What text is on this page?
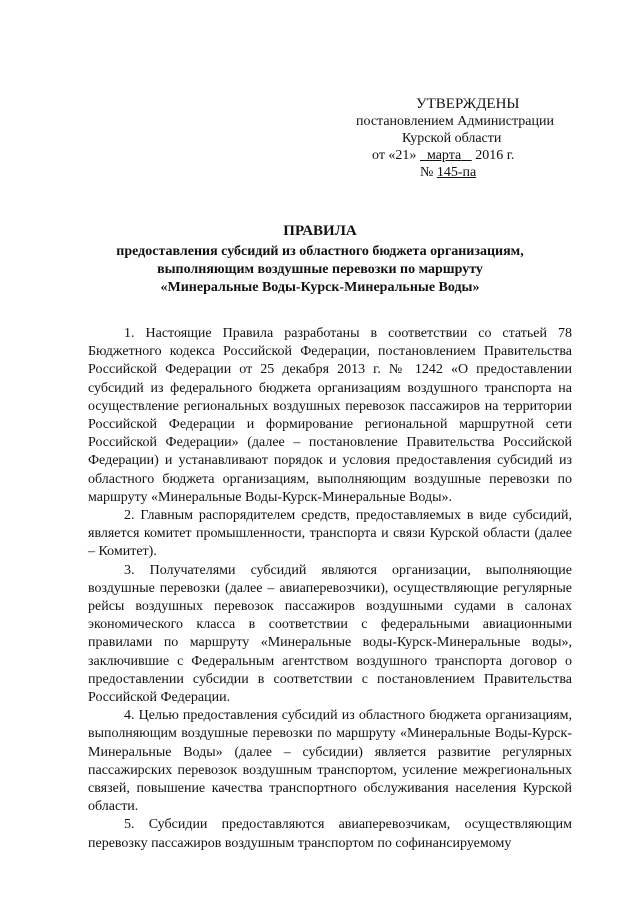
УТВЕРЖДЕНЫ
постановлением Администрации
Курской области
от «21» марта 2016 г.
№ 145-па
ПРАВИЛА
предоставления субсидий из областного бюджета организациям,
выполняющим воздушные перевозки по маршруту
«Минеральные Воды-Курск-Минеральные Воды»

1. Настоящие Правила разработаны в соответствии со статьей 78 Бюджетного кодекса Российской Федерации, постановлением Правительства Российской Федерации от 25 декабря 2013 г. № 1242 «О предоставлении субсидий из федерального бюджета организациям воздушного транспорта на осуществление региональных воздушных перевозок пассажиров на территории Российской Федерации и формирование региональной маршрутной сети Российской Федерации» (далее – постановление Правительства Российской Федерации) и устанавливают порядок и условия предоставления субсидий из областного бюджета организациям, выполняющим воздушные перевозки по маршруту «Минеральные Воды-Курск-Минеральные Воды».

2. Главным распорядителем средств, предоставляемых в виде субсидий, является комитет промышленности, транспорта и связи Курской области (далее – Комитет).

3. Получателями субсидий являются организации, выполняющие воздушные перевозки (далее – авиаперевозчики), осуществляющие регулярные рейсы воздушных перевозок пассажиров воздушными судами в салонах экономического класса в соответствии с федеральными авиационными правилами по маршруту «Минеральные воды-Курск-Минеральные воды», заключившие с Федеральным агентством воздушного транспорта договор о предоставлении субсидии в соответствии с постановлением Правительства Российской Федерации.

4. Целью предоставления субсидий из областного бюджета организациям, выполняющим воздушные перевозки по маршруту «Минеральные Воды-Курск-Минеральные Воды» (далее – субсидии) является развитие регулярных пассажирских перевозок воздушным транспортом, усиление межрегиональных связей, повышение качества транспортного обслуживания населения Курской области.

5. Субсидии предоставляются авиаперевозчикам, осуществляющим перевозку пассажиров воздушным транспортом по софинансируемому
